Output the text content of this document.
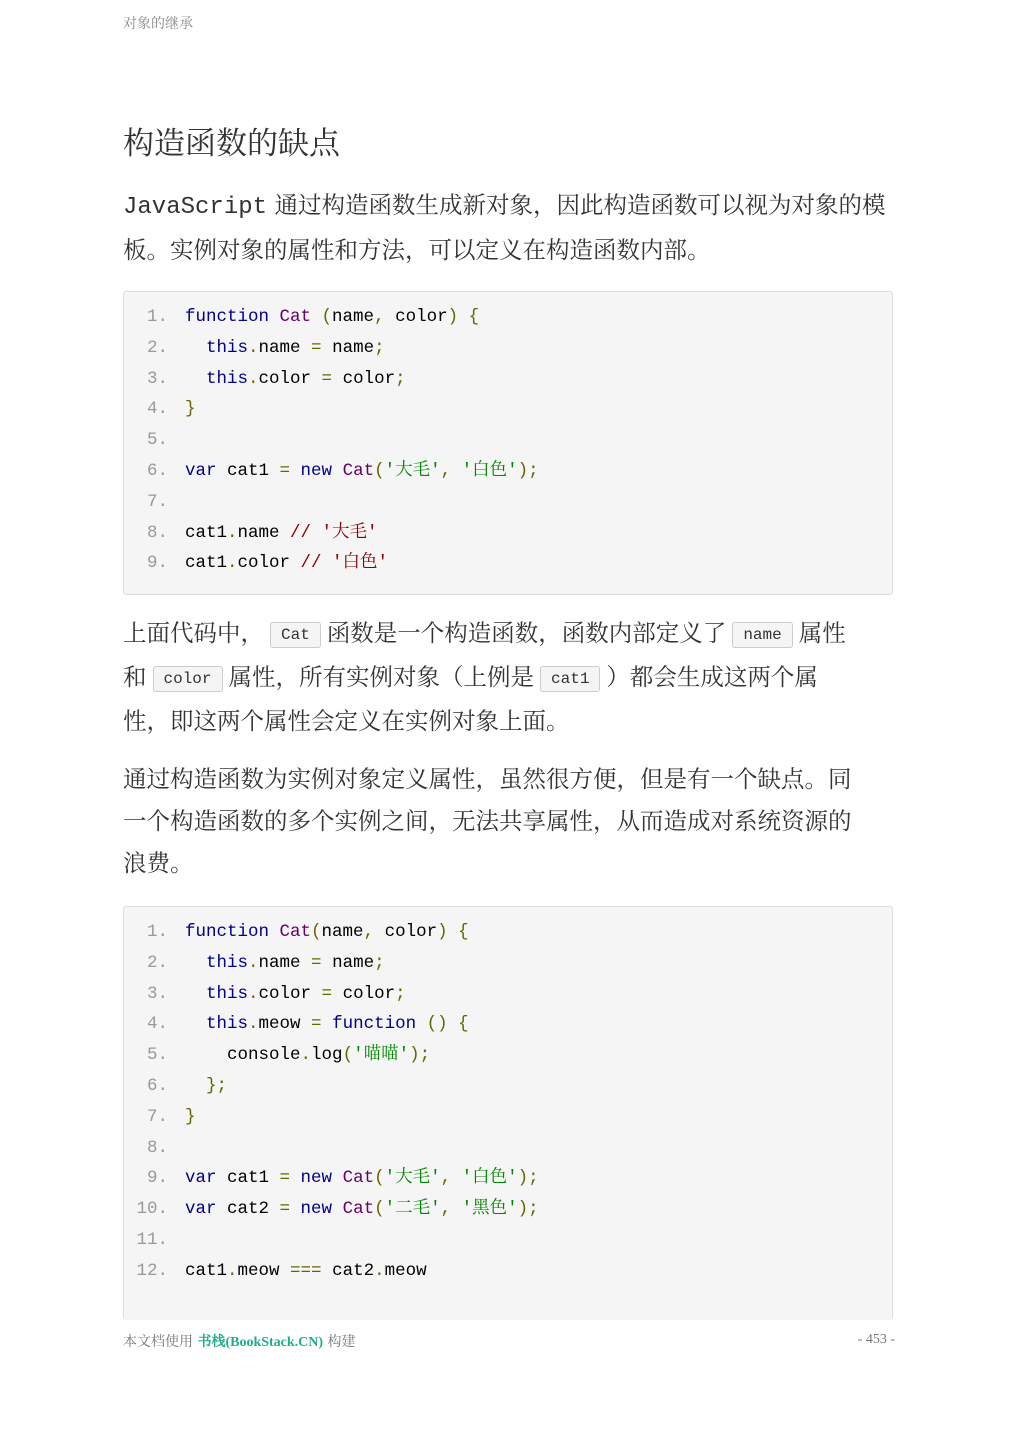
对象的继承
构造函数的缺点

JavaScript 通过构造函数生成新对象，因此构造函数可以视为对象的模板。实例对象的属性和方法，可以定义在构造函数内部。

1. function Cat (name, color) {
2. this.name = name;
3. this.color = color;
4. }
5.
6. var cat1 = new Cat('大毛', '白色');
7.
8. cat1.name // '大毛'
9. cat1.color // '白色'

上面代码中， Cat 函数是一个构造函数，函数内部定义了 name 属性
和 color 属性，所有实例对象（上例是 cat1 ）都会生成这两个属
性，即这两个属性会定义在实例对象上面。

通过构造函数为实例对象定义属性，虽然很方便，但是有一个缺点。同
一个构造函数的多个实例之间，无法共享属性，从而造成对系统资源的
浪费。

1. function Cat(name, color) {
2. this.name = name;
3. this.color = color;
4. this.meow = function () {
5. console.log('喵喵');
6. };
7. }
8.
9. var cat1 = new Cat('大毛', '白色');
10. var cat2 = new Cat('二毛', '黑色');
11.
12. cat1.meow === cat2.meow
本文档使用 书栈(BookStack.CN) 构建	- 453 -
